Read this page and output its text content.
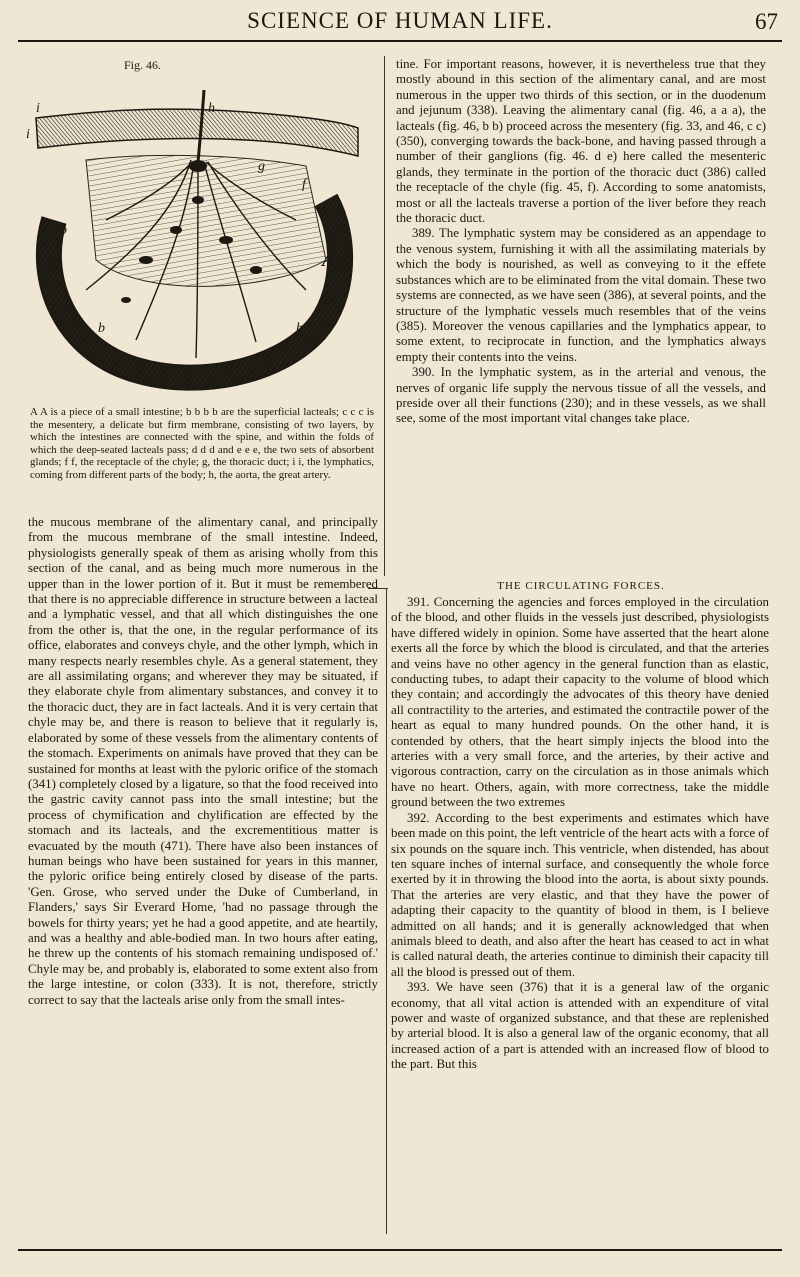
SCIENCE OF HUMAN LIFE.	67
Fig. 46.
i	h
i
g
f
A	A
b	b
b	b
A A is a piece of a small intestine; b b b b are the superficial lacteals; c c c is the mesentery, a delicate but firm membrane, consisting of two layers, by which the intestines are connected with the spine, and within the folds of which the deep-seated lacteals pass; d d d and e e e, the two sets of absorbent glands; f f, the receptacle of the chyle; g, the thoracic duct; i i, the lymphatics, coming from different parts of the body; h, the aorta, the great artery.

the mucous membrane of the alimentary canal, and principally from the mucous membrane of the small intestine. Indeed, physiologists generally speak of them as arising wholly from this section of the canal, and as being much more numerous in the upper than in the lower portion of it. But it must be remembered that there is no appreciable difference in structure between a lacteal and a lymphatic vessel, and that all which distinguishes the one from the other is, that the one, in the regular performance of its office, elaborates and conveys chyle, and the other lymph, which in many respects nearly resembles chyle. As a general statement, they are all assimilating organs; and wherever they may be situated, if they elaborate chyle from alimentary substances, and convey it to the thoracic duct, they are in fact lacteals. And it is very certain that chyle may be, and there is reason to believe that it regularly is, elaborated by some of these vessels from the alimentary contents of the stomach. Experiments on animals have proved that they can be sustained for months at least with the pyloric orifice of the stomach (341) completely closed by a ligature, so that the food received into the gastric cavity cannot pass into the small intestine; but the process of chymification and chylification are effected by the stomach and its lacteals, and the excrementitious matter is evacuated by the mouth (471). There have also been instances of human beings who have been sustained for years in this manner, the pyloric orifice being entirely closed by disease of the parts. 'Gen. Grose, who served under the Duke of Cumberland, in Flanders,' says Sir Everard Home, 'had no passage through the bowels for thirty years; yet he had a good appetite, and ate heartily, and was a healthy and able-bodied man. In two hours after eating, he threw up the contents of his stomach remaining undisposed of.' Chyle may be, and probably is, elaborated to some extent also from the large intestine, or colon (333). It is not, therefore, strictly correct to say that the lacteals arise only from the small intes-

tine. For important reasons, however, it is nevertheless true that they mostly abound in this section of the alimentary canal, and are most numerous in the upper two thirds of this section, or in the duodenum and jejunum (338). Leaving the alimentary canal (fig. 46, a a a), the lacteals (fig. 46, b b) proceed across the mesentery (fig. 33, and 46, c c) (350), converging towards the back-bone, and having passed through a number of their ganglions (fig. 46. d e) here called the mesenteric glands, they terminate in the portion of the thoracic duct (386) called the receptacle of the chyle (fig. 45, f). According to some anatomists, most or all the lacteals traverse a portion of the liver before they reach the thoracic duct.

389. The lymphatic system may be considered as an appendage to the venous system, furnishing it with all the assimilating materials by which the body is nourished, as well as conveying to it the effete substances which are to be eliminated from the vital domain. These two systems are connected, as we have seen (386), at several points, and the structure of the lymphatic vessels much resembles that of the veins (385). Moreover the venous capillaries and the lymphatics appear, to some extent, to reciprocate in function, and the lymphatics always empty their contents into the veins.

390. In the lymphatic system, as in the arterial and venous, the nerves of organic life supply the nervous tissue of all the vessels, and preside over all their functions (230); and in these vessels, as we shall see, some of the most important vital changes take place.

THE CIRCULATING FORCES.

391. Concerning the agencies and forces employed in the circulation of the blood, and other fluids in the vessels just described, physiologists have differed widely in opinion. Some have asserted that the heart alone exerts all the force by which the blood is circulated, and that the arteries and veins have no other agency in the general function than as elastic, conducting tubes, to adapt their capacity to the volume of blood which they contain; and accordingly the advocates of this theory have denied all contractility to the arteries, and estimated the contractile power of the heart as equal to many hundred pounds. On the other hand, it is contended by others, that the heart simply injects the blood into the arteries with a very small force, and the arteries, by their active and vigorous contraction, carry on the circulation as in those animals which have no heart. Others, again, with more correctness, take the middle ground between the two extremes

392. According to the best experiments and estimates which have been made on this point, the left ventricle of the heart acts with a force of six pounds on the square inch. This ventricle, when distended, has about ten square inches of internal surface, and consequently the whole force exerted by it in throwing the blood into the aorta, is about sixty pounds. That the arteries are very elastic, and that they have the power of adapting their capacity to the quantity of blood in them, is I believe admitted on all hands; and it is generally acknowledged that when animals bleed to death, and also after the heart has ceased to act in what is called natural death, the arteries continue to diminish their capacity till all the blood is pressed out of them.

393. We have seen (376) that it is a general law of the organic economy, that all vital action is attended with an expenditure of vital power and waste of organized substance, and that these are replenished by arterial blood. It is also a general law of the organic economy, that all increased action of a part is attended with an increased flow of blood to the part. But this
